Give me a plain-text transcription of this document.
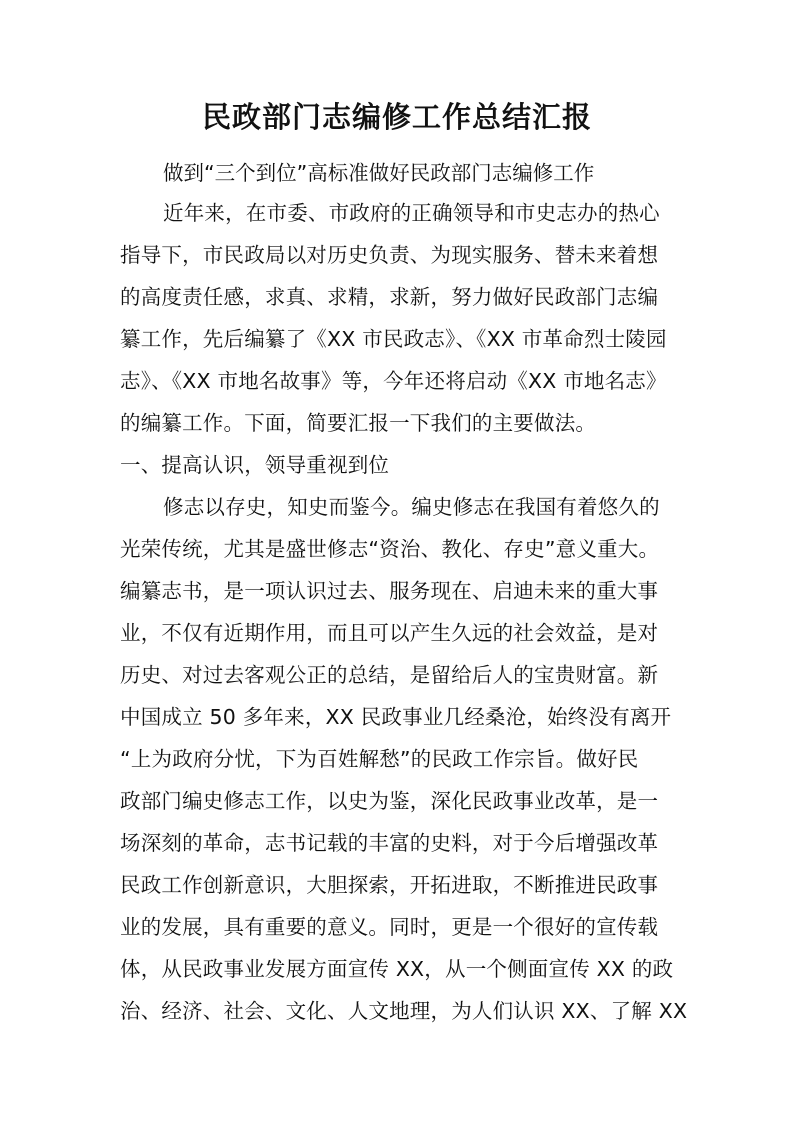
民政部门志编修工作总结汇报
做到“三个到位”高标准做好民政部门志编修工作
近年来，在市委、市政府的正确领导和市史志办的热心
指导下，市民政局以对历史负责、为现实服务、替未来着想
的高度责任感，求真、求精，求新，努力做好民政部门志编
纂工作，先后编纂了《XX 市民政志》、《XX 市革命烈士陵园
志》、《XX 市地名故事》等，今年还将启动《XX 市地名志》
的编纂工作。下面，简要汇报一下我们的主要做法。
一、提高认识，领导重视到位
修志以存史，知史而鉴今。编史修志在我国有着悠久的
光荣传统，尤其是盛世修志“资治、教化、存史”意义重大。
编纂志书，是一项认识过去、服务现在、启迪未来的重大事
业，不仅有近期作用，而且可以产生久远的社会效益，是对
历史、对过去客观公正的总结，是留给后人的宝贵财富。新
中国成立 50 多年来，XX 民政事业几经桑沧，始终没有离开
“上为政府分忧，下为百姓解愁”的民政工作宗旨。做好民
政部门编史修志工作，以史为鉴，深化民政事业改革，是一
场深刻的革命，志书记载的丰富的史料，对于今后增强改革
民政工作创新意识，大胆探索，开拓进取，不断推进民政事
业的发展，具有重要的意义。同时，更是一个很好的宣传载
体，从民政事业发展方面宣传 XX，从一个侧面宣传 XX 的政
治、经济、社会、文化、人文地理，为人们认识 XX、了解 XX
